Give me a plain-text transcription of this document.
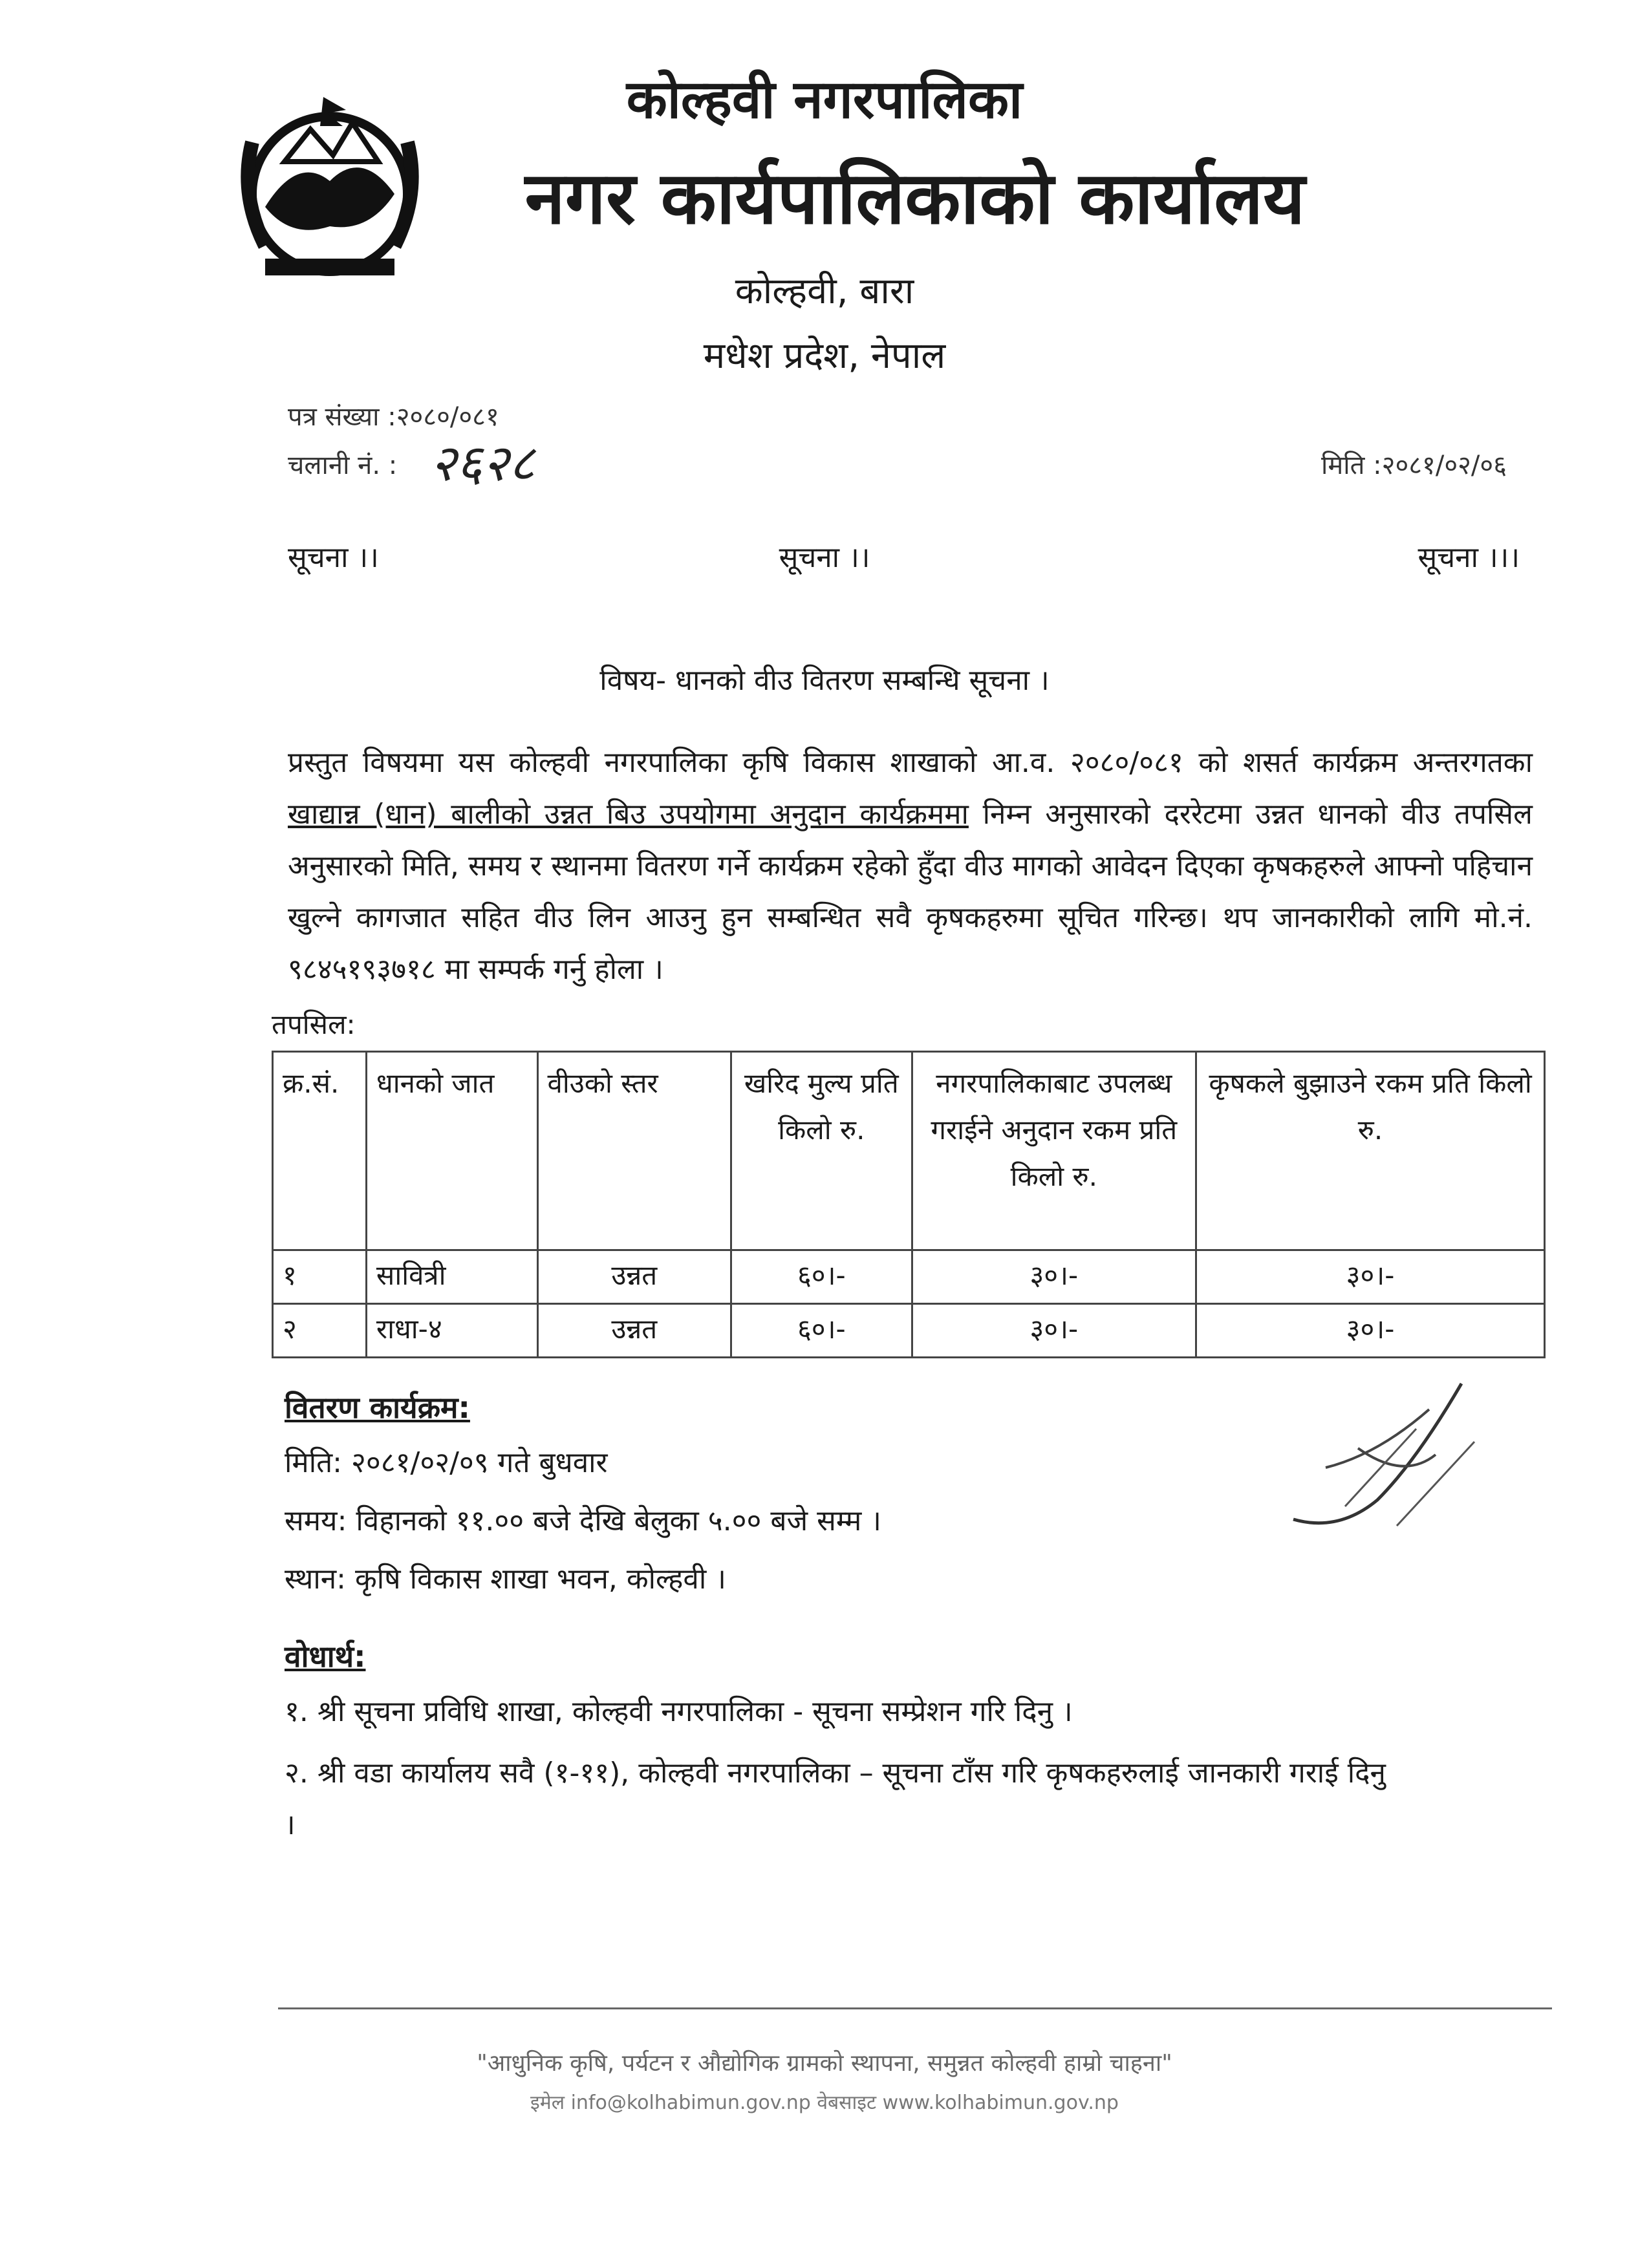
कोल्हवी नगरपालिका
नगर कार्यपालिकाको कार्यालय
कोल्हवी, बारा
मधेश प्रदेश, नेपाल
पत्र संख्या :२०८०/०८१
चलानी नं. : २६२८	मिति :२०८१/०२/०६
सूचना ।।	सूचना ।।	सूचना ।।।
विषय- धानको वीउ वितरण सम्बन्धि सूचना ।
प्रस्तुत विषयमा यस कोल्हवी नगरपालिका कृषि विकास शाखाको आ.व. २०८०/०८१ को शसर्त कार्यक्रम अन्तरगतका खाद्यान्न (धान) बालीको उन्नत बिउ उपयोगमा अनुदान कार्यक्रममा निम्न अनुसारको दररेटमा उन्नत धानको वीउ तपसिल अनुसारको मिति, समय र स्थानमा वितरण गर्ने कार्यक्रम रहेको हुँदा वीउ मागको आवेदन दिएका कृषकहरुले आफ्नो पहिचान खुल्ने कागजात सहित वीउ लिन आउनु हुन सम्बन्धित सवै कृषकहरुमा सूचित गरिन्छ। थप जानकारीको लागि मो.नं. ९८४५१९३७१८ मा सम्पर्क गर्नु होला ।
तपसिल:
क्र.सं.	धानको जात	वीउको स्तर	खरिद मुल्य प्रति किलो रु.	नगरपालिकाबाट उपलब्ध गराईने अनुदान रकम प्रति किलो रु.	कृषकले बुझाउने रकम प्रति किलो रु.
१	सावित्री	उन्नत	६०।-	३०।-	३०।-
२	राधा-४	उन्नत	६०।-	३०।-	३०।-
वितरण कार्यक्रम:
मिति: २०८१/०२/०९ गते बुधवार
समय: विहानको ११.०० बजे देखि बेलुका ५.०० बजे सम्म ।
स्थान: कृषि विकास शाखा भवन, कोल्हवी ।
वोधार्थ:
१. श्री सूचना प्रविधि शाखा, कोल्हवी नगरपालिका - सूचना सम्प्रेशन गरि दिनु ।
२. श्री वडा कार्यालय सवै (१-११), कोल्हवी नगरपालिका – सूचना टाँस गरि कृषकहरुलाई जानकारी गराई दिनु
।
"आधुनिक कृषि, पर्यटन र औद्योगिक ग्रामको स्थापना, समुन्नत कोल्हवी हाम्रो चाहना"
इमेल info@kolhabimun.gov.np वेबसाइट www.kolhabimun.gov.np
